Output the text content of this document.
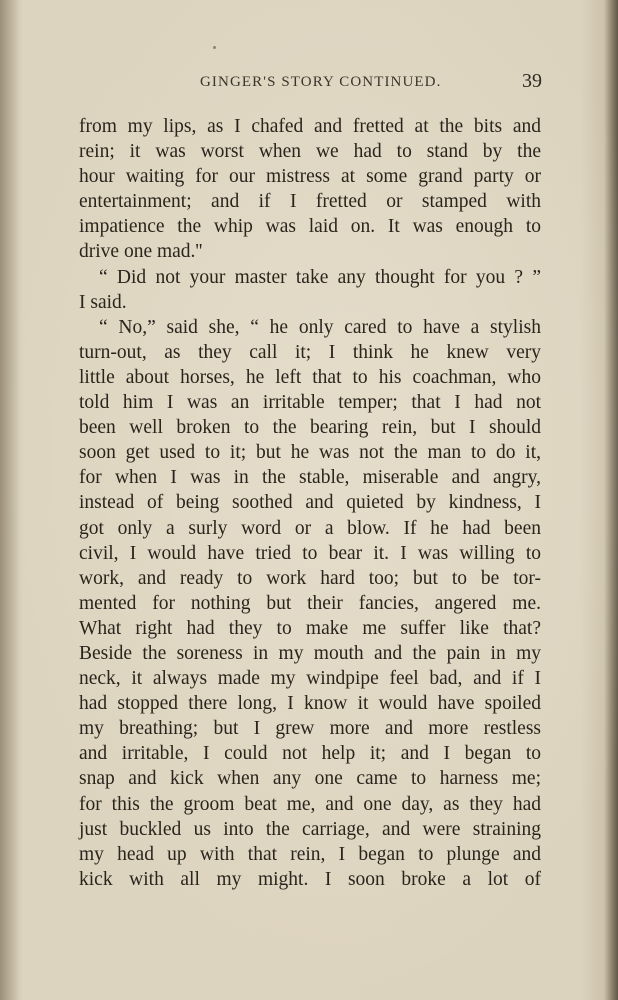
GINGER'S STORY CONTINUED.	39
from my lips, as I chafed and fretted at the bits and
rein; it was worst when we had to stand by the
hour waiting for our mistress at some grand party or
entertainment; and if I fretted or stamped with
impatience the whip was laid on. It was enough to
drive one mad.''
“ Did not your master take any thought for you ? ”
I said.
“ No,” said she, “ he only cared to have a stylish
turn-out, as they call it; I think he knew very
little about horses, he left that to his coachman, who
told him I was an irritable temper; that I had not
been well broken to the bearing rein, but I should
soon get used to it; but he was not the man to do it,
for when I was in the stable, miserable and angry,
instead of being soothed and quieted by kindness, I
got only a surly word or a blow. If he had been
civil, I would have tried to bear it. I was willing to
work, and ready to work hard too; but to be tor-
mented for nothing but their fancies, angered me.
What right had they to make me suffer like that?
Beside the soreness in my mouth and the pain in my
neck, it always made my windpipe feel bad, and if I
had stopped there long, I know it would have spoiled
my breathing; but I grew more and more restless
and irritable, I could not help it; and I began to
snap and kick when any one came to harness me;
for this the groom beat me, and one day, as they had
just buckled us into the carriage, and were straining
my head up with that rein, I began to plunge and
kick with all my might. I soon broke a lot of
